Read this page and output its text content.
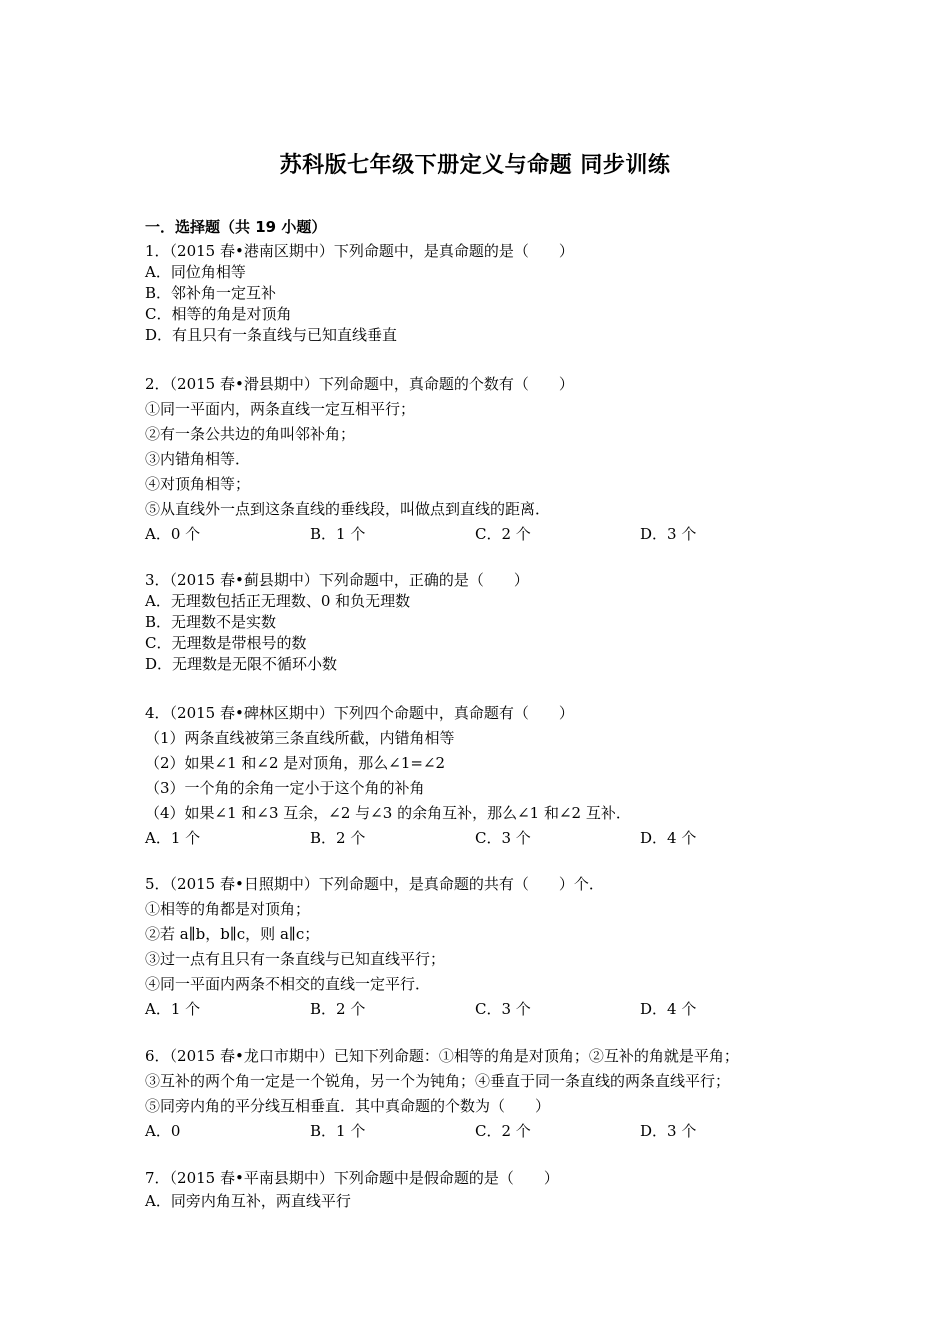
苏科版七年级下册定义与命题 同步训练
一．选择题（共 19 小题）
1．（2015 春•港南区期中）下列命题中，是真命题的是（　　）
A．同位角相等
B．邻补角一定互补
C．相等的角是对顶角
D．有且只有一条直线与已知直线垂直
2．（2015 春•滑县期中）下列命题中，真命题的个数有（　　）
①同一平面内，两条直线一定互相平行；
②有一条公共边的角叫邻补角；
③内错角相等．
④对顶角相等；
⑤从直线外一点到这条直线的垂线段，叫做点到直线的距离．
A．0 个	B．1 个	C．2 个	D．3 个
3．（2015 春•蓟县期中）下列命题中，正确的是（　　）
A．无理数包括正无理数、0 和负无理数
B．无理数不是实数
C．无理数是带根号的数
D．无理数是无限不循环小数
4．（2015 春•碑林区期中）下列四个命题中，真命题有（　　）
（1）两条直线被第三条直线所截，内错角相等
（2）如果∠1 和∠2 是对顶角，那么∠1=∠2
（3）一个角的余角一定小于这个角的补角
（4）如果∠1 和∠3 互余，∠2 与∠3 的余角互补，那么∠1 和∠2 互补．
A．1 个	B．2 个	C．3 个	D．4 个
5．（2015 春•日照期中）下列命题中，是真命题的共有（　　）个．
①相等的角都是对顶角；
②若 a∥b，b∥c，则 a∥c；
③过一点有且只有一条直线与已知直线平行；
④同一平面内两条不相交的直线一定平行．
A．1 个	B．2 个	C．3 个	D．4 个
6．（2015 春•龙口市期中）已知下列命题：①相等的角是对顶角；②互补的角就是平角；
③互补的两个角一定是一个锐角，另一个为钝角；④垂直于同一条直线的两条直线平行；
⑤同旁内角的平分线互相垂直．其中真命题的个数为（　　）
A．0	B．1 个	C．2 个	D．3 个
7．（2015 春•平南县期中）下列命题中是假命题的是（　　）
A．同旁内角互补，两直线平行
